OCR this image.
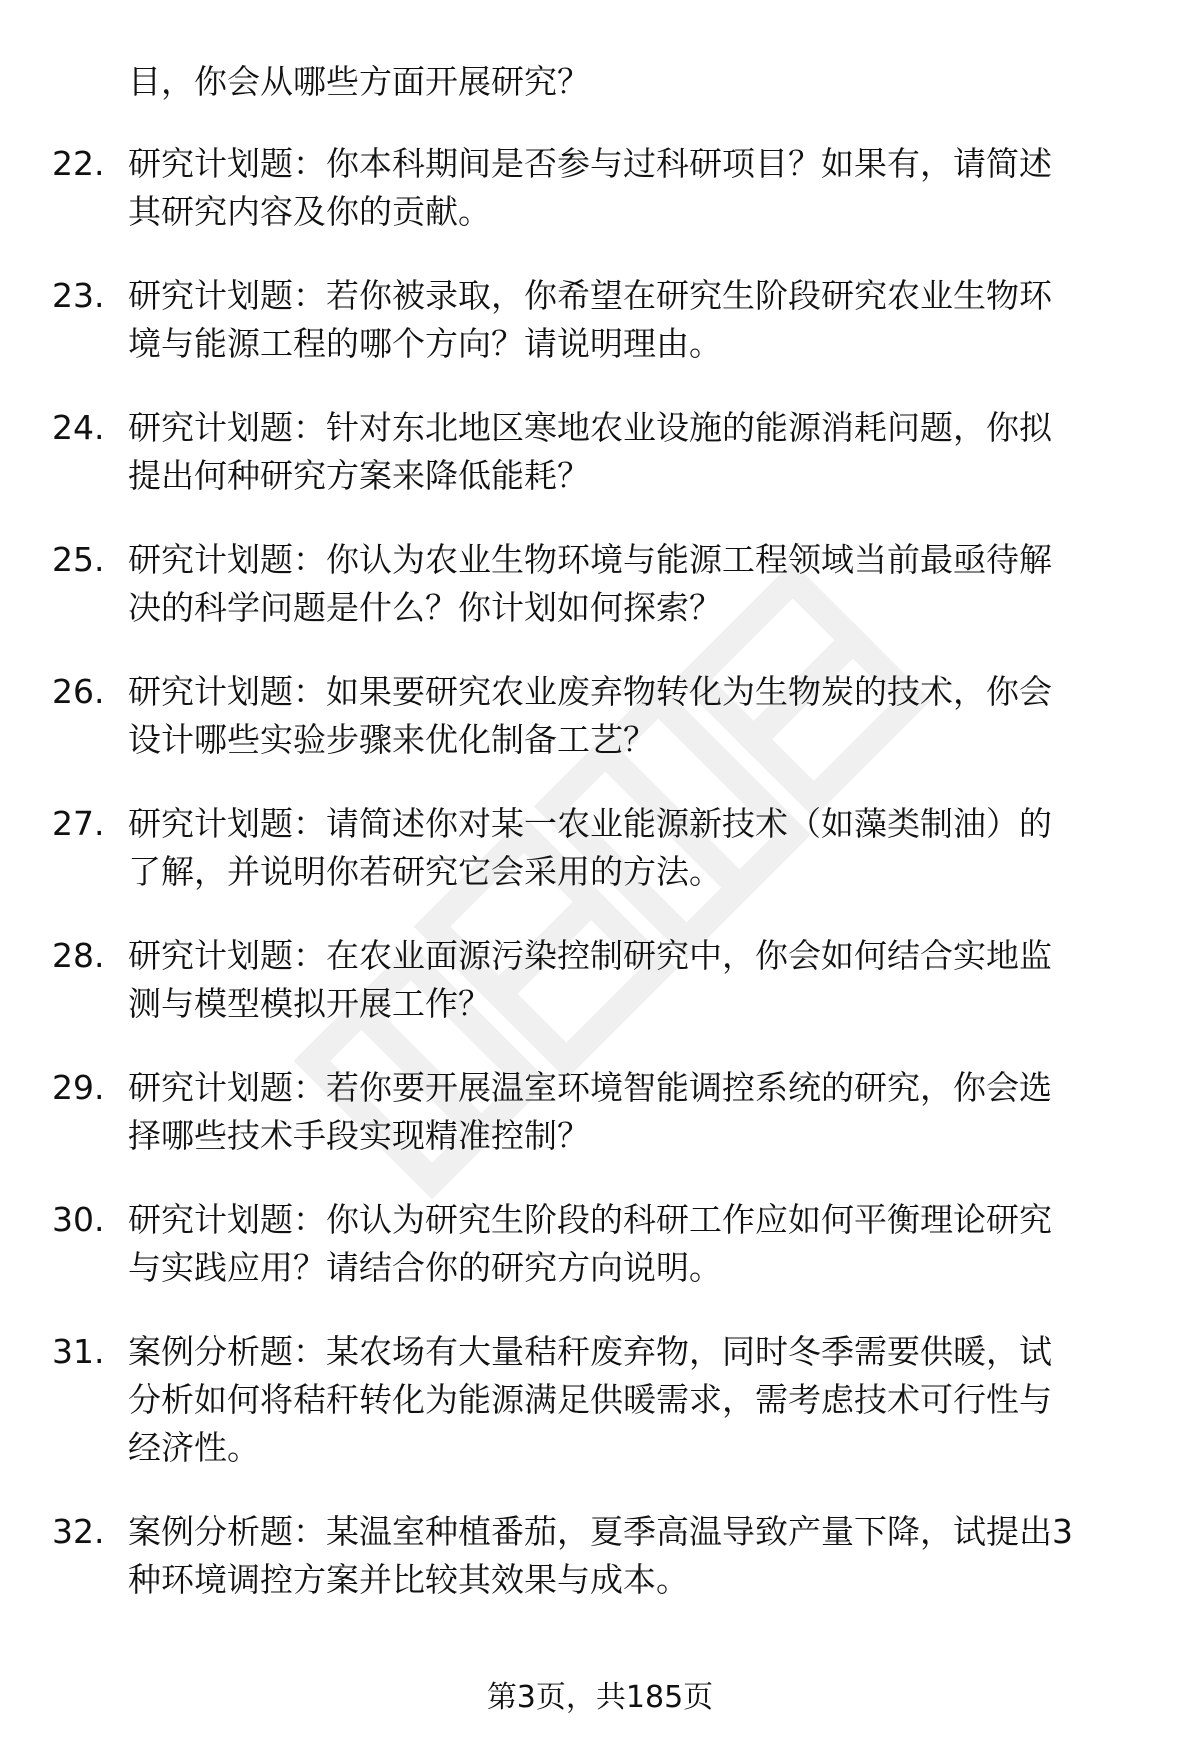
目，你会从哪些方面开展研究？
22. 研究计划题：你本科期间是否参与过科研项目？如果有，请简述
其研究内容及你的贡献。
23. 研究计划题：若你被录取，你希望在研究生阶段研究农业生物环
境与能源工程的哪个方向？请说明理由。
24. 研究计划题：针对东北地区寒地农业设施的能源消耗问题，你拟
提出何种研究方案来降低能耗？
25. 研究计划题：你认为农业生物环境与能源工程领域当前最亟待解
决的科学问题是什么？你计划如何探索？
26. 研究计划题：如果要研究农业废弃物转化为生物炭的技术，你会
设计哪些实验步骤来优化制备工艺？
27. 研究计划题：请简述你对某一农业能源新技术（如藻类制油）的
了解，并说明你若研究它会采用的方法。
28. 研究计划题：在农业面源污染控制研究中，你会如何结合实地监
测与模型模拟开展工作？
29. 研究计划题：若你要开展温室环境智能调控系统的研究，你会选
择哪些技术手段实现精准控制？
30. 研究计划题：你认为研究生阶段的科研工作应如何平衡理论研究
与实践应用？请结合你的研究方向说明。
31. 案例分析题：某农场有大量秸秆废弃物，同时冬季需要供暖，试
分析如何将秸秆转化为能源满足供暖需求，需考虑技术可行性与
经济性。
32. 案例分析题：某温室种植番茄，夏季高温导致产量下降，试提出3
种环境调控方案并比较其效果与成本。
第3页，共185页
